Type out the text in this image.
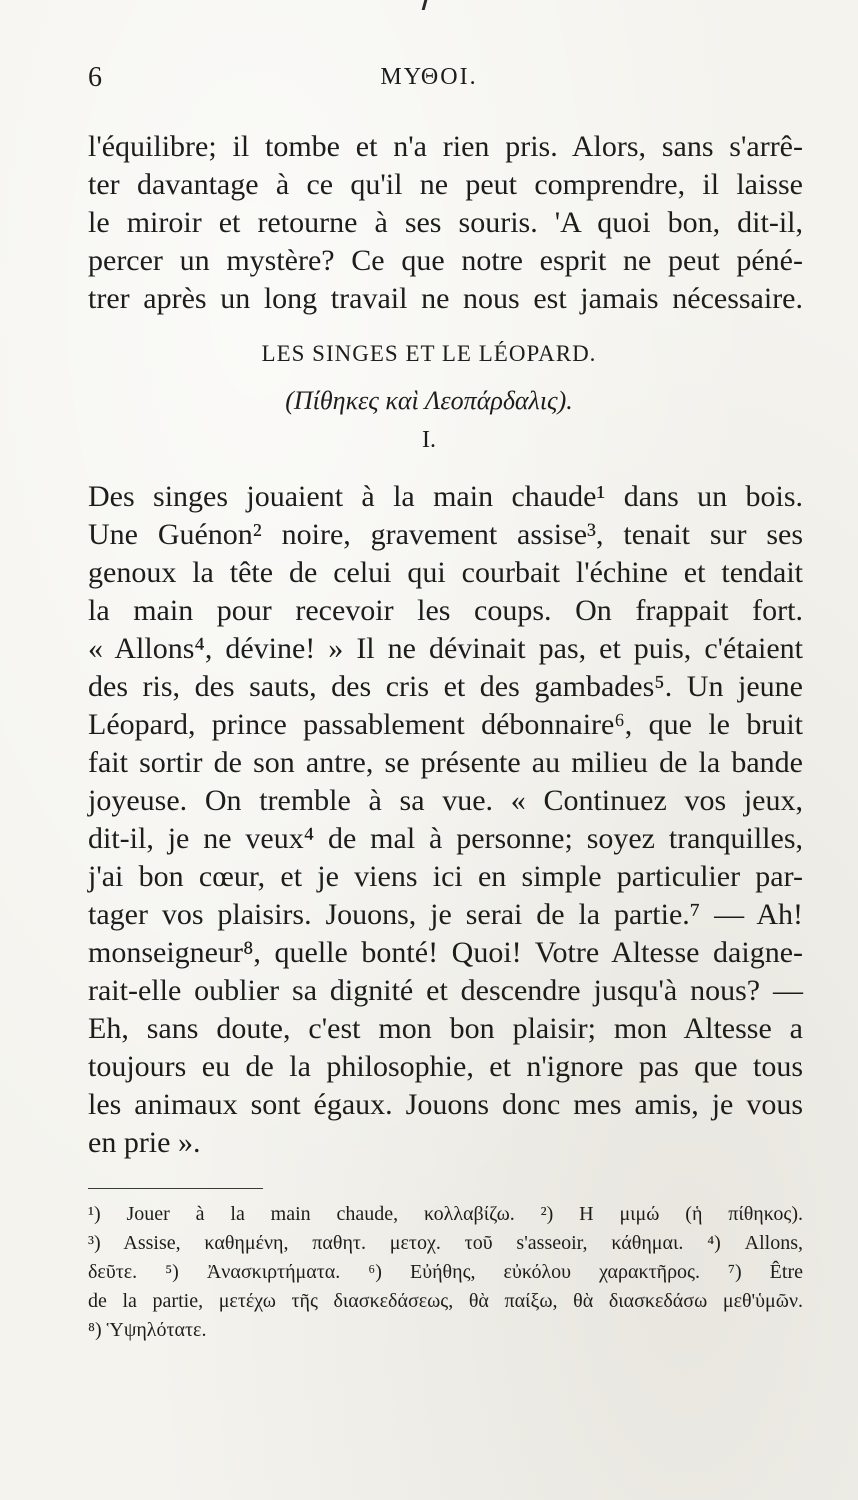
6	ΜΥΘΟΙ.
l'équilibre; il tombe et n'a rien pris. Alors, sans s'arrê-
ter davantage à ce qu'il ne peut comprendre, il laisse
le miroir et retourne à ses souris. 'A quoi bon, dit-il,
percer un mystère? Ce que notre esprit ne peut péné-
trer après un long travail ne nous est jamais nécessaire.
LES SINGES ET LE LÉOPARD.
(Πίθηκες καὶ Λεοπάρδαλις).
I.
Des singes jouaient à la main chaude¹ dans un bois.
Une Guénon² noire, gravement assise³, tenait sur ses
genoux la tête de celui qui courbait l'échine et tendait
la main pour recevoir les coups. On frappait fort.
« Allons⁴, dévine! » Il ne dévinait pas, et puis, c'étaient
des ris, des sauts, des cris et des gambades⁵. Un jeune
Léopard, prince passablement débonnaire⁶, que le bruit
fait sortir de son antre, se présente au milieu de la bande
joyeuse. On tremble à sa vue. « Continuez vos jeux,
dit-il, je ne veux⁴ de mal à personne; soyez tranquilles,
j'ai bon cœur, et je viens ici en simple particulier par-
tager vos plaisirs. Jouons, je serai de la partie.⁷ — Ah!
monseigneur⁸, quelle bonté! Quoi! Votre Altesse daigne-
rait-elle oublier sa dignité et descendre jusqu'à nous? —
Eh, sans doute, c'est mon bon plaisir; mon Altesse a
toujours eu de la philosophie, et n'ignore pas que tous
les animaux sont égaux. Jouons donc mes amis, je vous
en prie ».
¹) Jouer à la main chaude, κολλαβίζω. ²) Η μιμώ (ἡ πίθηκος).
³) Assise, καθημένη, παθητ. μετοχ. τοῦ s'asseoir, κάθημαι. ⁴) Allons,
δεῦτε. ⁵) Ἀνασκιρτήματα. ⁶) Εὐήθης, εὐκόλου χαρακτῆρος. ⁷) Être
de la partie, μετέχω τῆς διασκεδάσεως, θὰ παίξω, θὰ διασκεδάσω μεθ'ὑμῶν.
⁸) Ὑψηλότατε.
